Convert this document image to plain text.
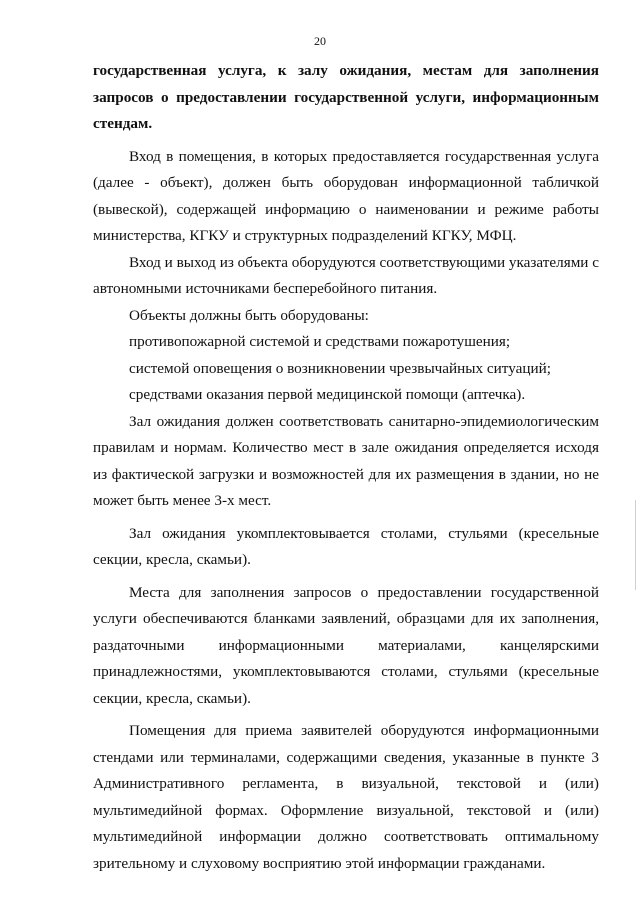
20

государственная услуга, к залу ожидания, местам для заполнения

запросов о предоставлении государственной услуги, информационным

стендам.

Вход в помещения, в которых предоставляется государственная услуга (далее - объект), должен быть оборудован информационной табличкой (вывеской), содержащей информацию о наименовании и режиме работы министерства, КГКУ и структурных подразделений КГКУ, МФЦ.

Вход и выход из объекта оборудуются соответствующими указателями с автономными источниками бесперебойного питания.

Объекты должны быть оборудованы:

противопожарной системой и средствами пожаротушения;

системой оповещения о возникновении чрезвычайных ситуаций;

средствами оказания первой медицинской помощи (аптечка).

Зал ожидания должен соответствовать санитарно-эпидемиологическим правилам и нормам. Количество мест в зале ожидания определяется исходя из фактической загрузки и возможностей для их размещения в здании, но не может быть менее 3-х мест.

Зал ожидания укомплектовывается столами, стульями (кресельные секции, кресла, скамьи).

Места для заполнения запросов о предоставлении государственной услуги обеспечиваются бланками заявлений, образцами для их заполнения, раздаточными информационными материалами, канцелярскими принадлежностями, укомплектовываются столами, стульями (кресельные секции, кресла, скамьи).

Помещения для приема заявителей оборудуются информационными стендами или терминалами, содержащими сведения, указанные в пункте 3 Административного регламента, в визуальной, текстовой и (или) мультимедийной формах. Оформление визуальной, текстовой и (или) мультимедийной информации должно соответствовать оптимальному зрительному и слуховому восприятию этой информации гражданами.
